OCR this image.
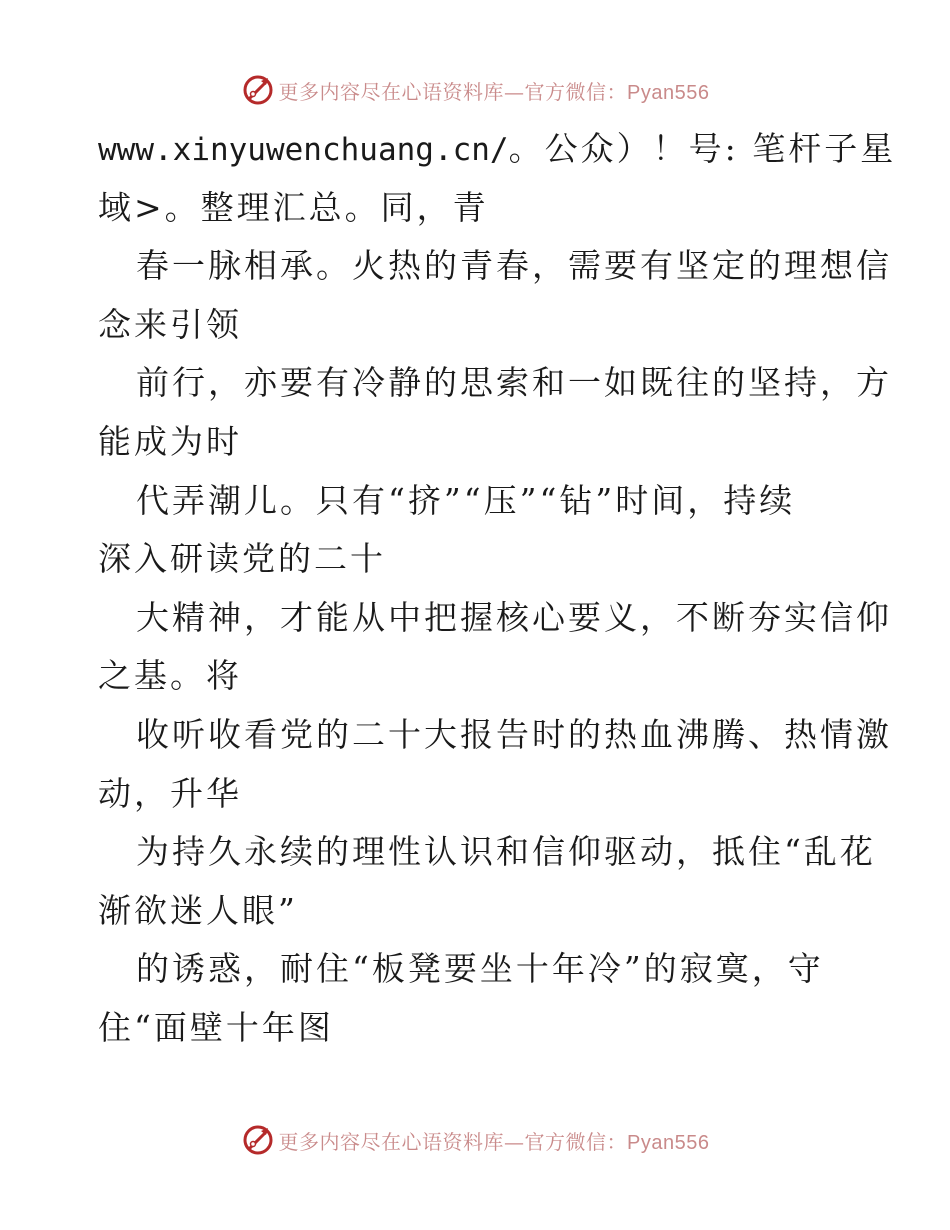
更多内容尽在心语资料库—官方微信：Pyan556
www.xinyuwenchuang.cn/。公众）！号: 笔杆子星
域>。整理汇总。同，青
春一脉相承。火热的青春，需要有坚定的理想信
念来引领
前行，亦要有冷静的思索和一如既往的坚持，方
能成为时
代弄潮儿。只有“挤”“压”“钻”时间，持续
深入研读党的二十
大精神，才能从中把握核心要义，不断夯实信仰
之基。将
收听收看党的二十大报告时的热血沸腾、热情激
动，升华
为持久永续的理性认识和信仰驱动，抵住“乱花
渐欲迷人眼”
的诱惑，耐住“板凳要坐十年冷”的寂寞，守
住“面壁十年图
更多内容尽在心语资料库—官方微信：Pyan556
